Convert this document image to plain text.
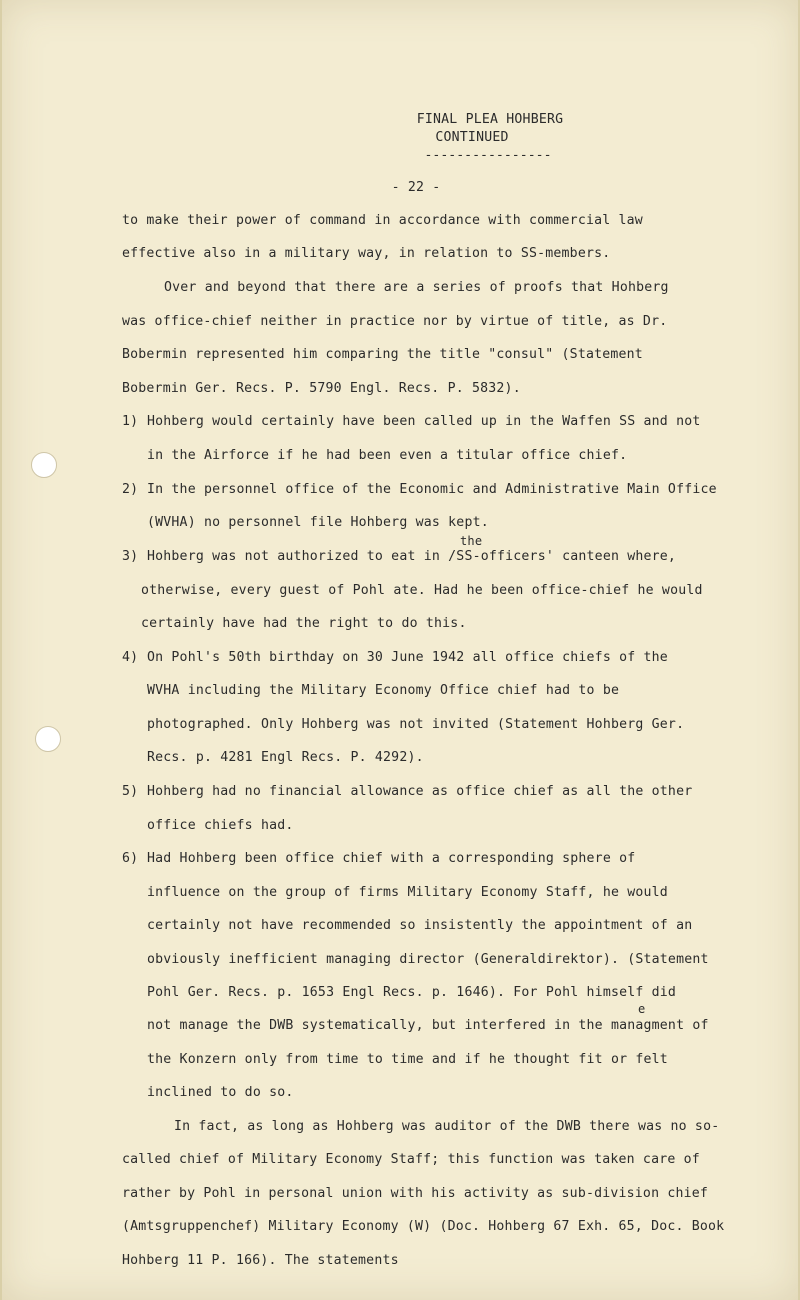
FINAL PLEA HOHBERG
CONTINUED
----------------
- 22 -
to make their power of command in accordance with commercial law
effective also in a military way, in relation to SS-members.
Over and beyond that there are a series of proofs that Hohberg
was office-chief neither in practice nor by virtue of title, as Dr.
Bobermin represented him comparing the title "consul" (Statement
Bobermin Ger. Recs. P. 5790 Engl. Recs. P. 5832).
1) Hohberg would certainly have been called up in the Waffen SS and not
in the Airforce if he had been even a titular office chief.
2) In the personnel office of the Economic and Administrative Main Office
(WVHA) no personnel file Hohberg was kept.
the
3) Hohberg was not authorized to eat in /SS-officers' canteen where,
otherwise, every guest of Pohl ate. Had he been office-chief he would
certainly have had the right to do this.
4) On Pohl's 50th birthday on 30 June 1942 all office chiefs of the
WVHA including the Military Economy Office chief had to be
photographed. Only Hohberg was not invited (Statement Hohberg Ger.
Recs. p. 4281 Engl Recs. P. 4292).
5) Hohberg had no financial allowance as office chief as all the other
office chiefs had.
6) Had Hohberg been office chief with a corresponding sphere of
influence on the group of firms Military Economy Staff, he would
certainly not have recommended so insistently the appointment of an
obviously inefficient managing director (Generaldirektor). (Statement
Pohl Ger. Recs. p. 1653 Engl Recs. p. 1646). For Pohl himself did
e
not manage the DWB systematically, but interfered in the managment of
the Konzern only from time to time and if he thought fit or felt
inclined to do so.
In fact, as long as Hohberg was auditor of the DWB there was no so-
called chief of Military Economy Staff; this function was taken care of
rather by Pohl in personal union with his activity as sub-division chief
(Amtsgruppenchef) Military Economy (W) (Doc. Hohberg 67 Exh. 65, Doc. Book
Hohberg 11 P. 166). The statements
